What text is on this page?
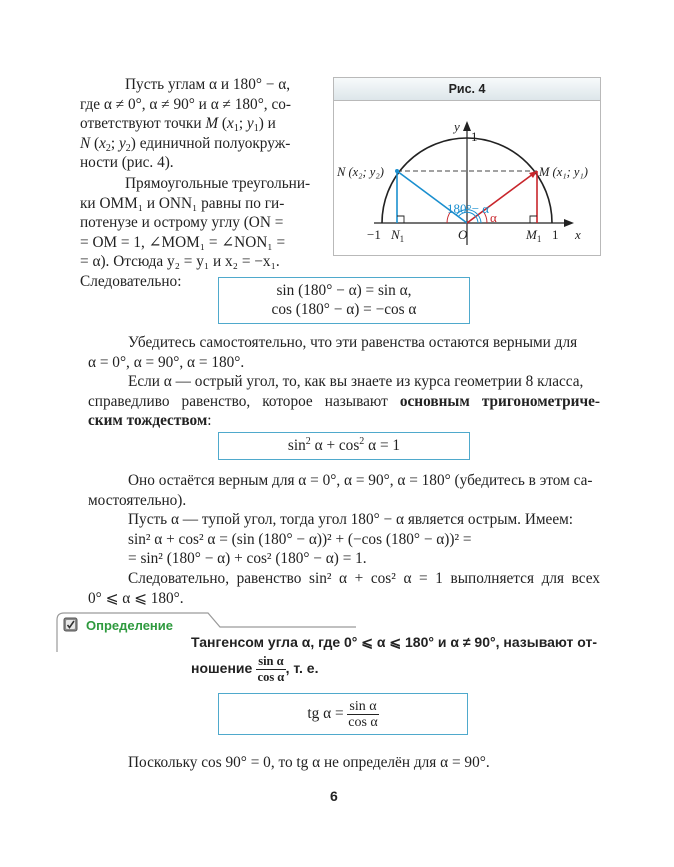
Пусть углам α и 180° − α,
где α ≠ 0°, α ≠ 90° и α ≠ 180°, со-
ответствуют точки M ($x_1$; $y_1$) и
N ($x_2$; $y_2$) единичной полуокруж-
ности (рис. 4).
Прямоугольные треугольни-
ки OMM₁ и ONN₁ равны по ги-
потенузе и острому углу (ON =
= OM = 1, ∠MOM₁ = ∠NON₁ =
= α). Отсюда y₂ = y₁ и x₂ = −x₁.
Следовательно:
Рис. 4
y
1
x
−1	1
O
$N_1$	$M_1$
N (x₂; y₂)	M (x₁; y₁)
180°− α
α
sin (180° − α) = sin α,
cos (180° − α) = −cos α
Убедитесь самостоятельно, что эти равенства остаются верными для
α = 0°, α = 90°, α = 180°.
Если α — острый угол, то, как вы знаете из курса геометрии 8 класса,
справедливо равенство, которое называют основным тригонометриче-
ским тождеством:
$\sin^2 \alpha + \cos^2 \alpha = 1$
Оно остаётся верным для α = 0°, α = 90°, α = 180° (убедитесь в этом са-
мостоятельно).
Пусть α — тупой угол, тогда угол 180° − α является острым. Имеем:
sin² α + cos² α = (sin (180° − α))² + (−cos (180° − α))² =
= sin² (180° − α) + cos² (180° − α) = 1.
Следовательно, равенство sin² α + cos² α = 1 выполняется для всех
0° ⩽ α ⩽ 180°.
Определение
Тангенсом угла α, где 0° ⩽ α ⩽ 180° и α ≠ 90°, называют от-
ношение $\frac{\text{sin α}}{\text{cos α}}$ , т. е.
tg $\alpha = \frac{\text{sin α}}{\text{cos α}}$
Поскольку cos 90° = 0, то tg α не определён для α = 90°.
6
